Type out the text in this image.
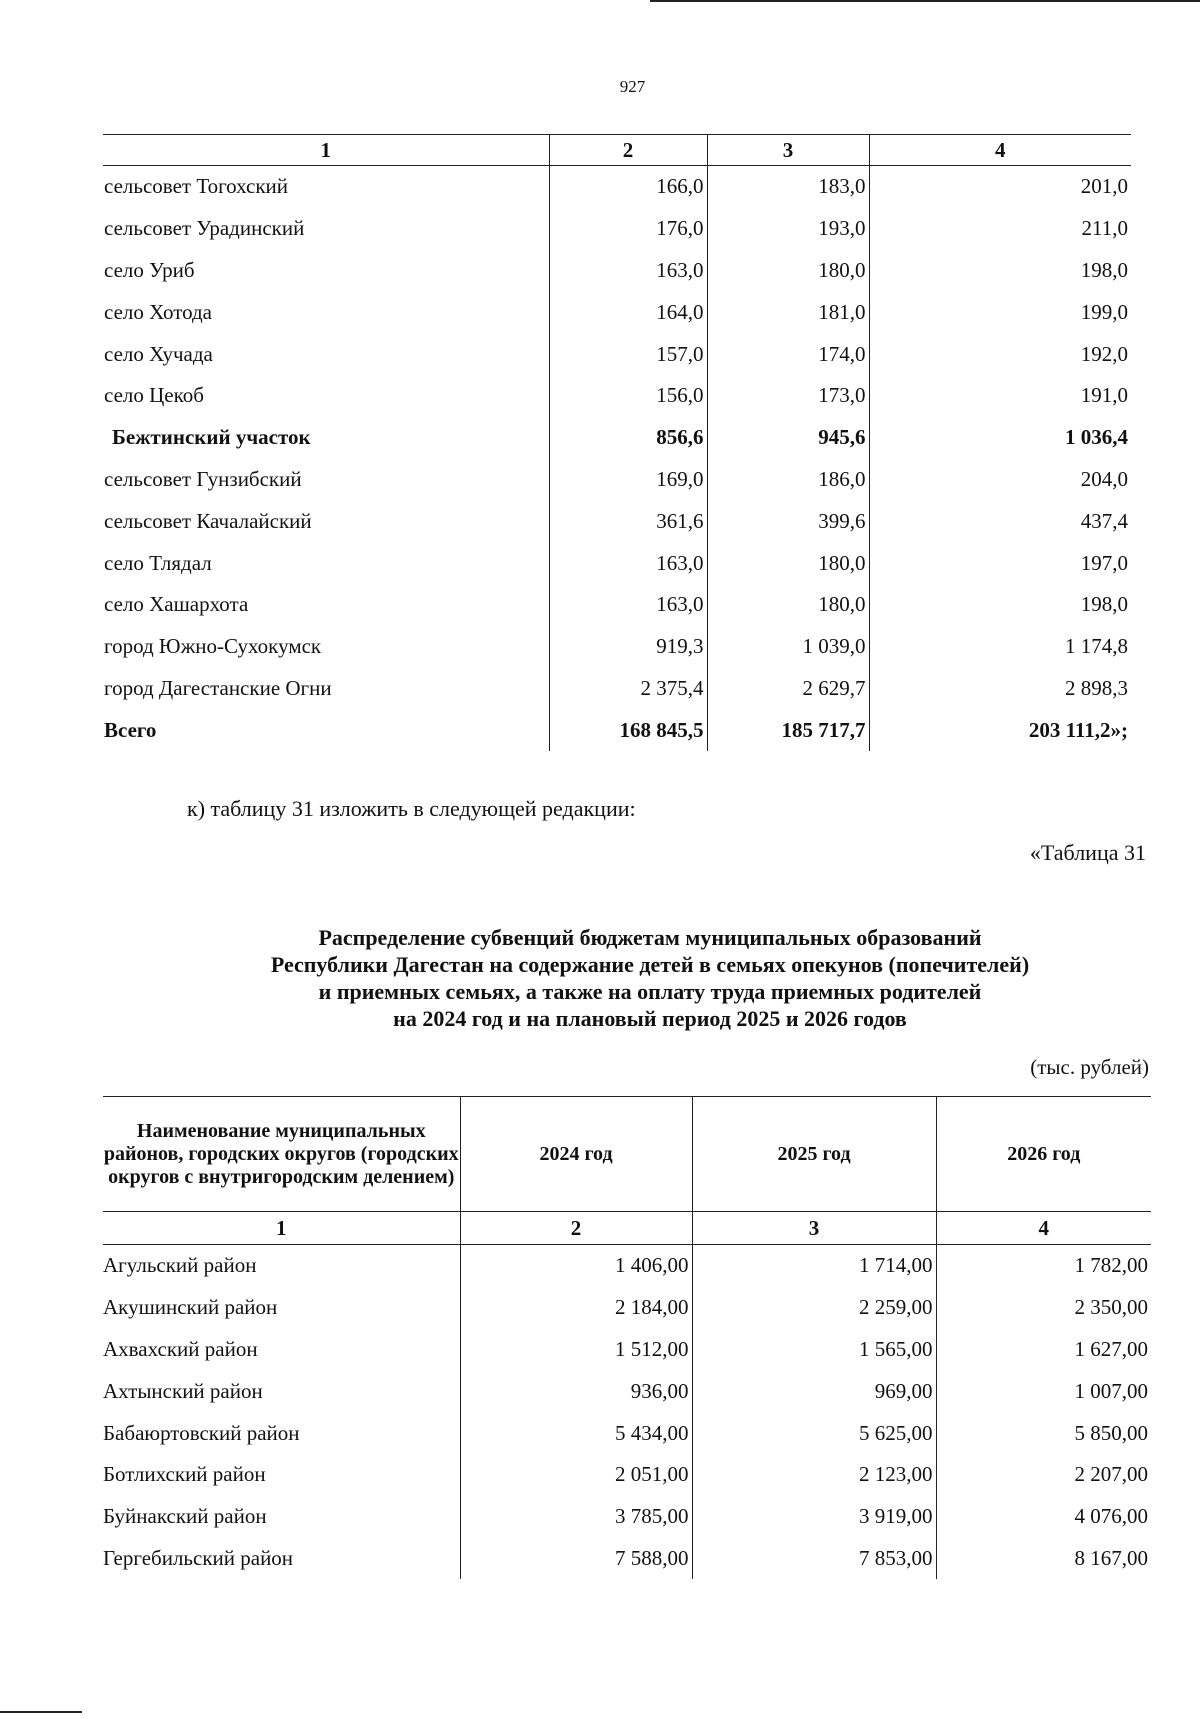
927
1	2	3	4
сельсовет Тогохский	166,0	183,0	201,0
сельсовет Урадинский	176,0	193,0	211,0
село Уриб	163,0	180,0	198,0
село Хотода	164,0	181,0	199,0
село Хучада	157,0	174,0	192,0
село Цекоб	156,0	173,0	191,0
Бежтинский участок	856,6	945,6	1 036,4
сельсовет Гунзибский	169,0	186,0	204,0
сельсовет Качалайский	361,6	399,6	437,4
село Тлядал	163,0	180,0	197,0
село Хашархота	163,0	180,0	198,0
город Южно-Сухокумск	919,3	1 039,0	1 174,8
город Дагестанские Огни	2 375,4	2 629,7	2 898,3
Всего	168 845,5	185 717,7	203 111,2»;
к) таблицу 31 изложить в следующей редакции:
«Таблица 31
Распределение субвенций бюджетам муниципальных образований
Республики Дагестан на содержание детей в семьях опекунов (попечителей)
и приемных семьях, а также на оплату труда приемных родителей
на 2024 год и на плановый период 2025 и 2026 годов
(тыс. рублей)
Наименование муниципальных районов, городских округов (городских округов с внутригородским делением)	2024 год	2025 год	2026 год
1	2	3	4
Агульский район	1 406,00	1 714,00	1 782,00
Акушинский район	2 184,00	2 259,00	2 350,00
Ахвахский район	1 512,00	1 565,00	1 627,00
Ахтынский район	936,00	969,00	1 007,00
Бабаюртовский район	5 434,00	5 625,00	5 850,00
Ботлихский район	2 051,00	2 123,00	2 207,00
Буйнакский район	3 785,00	3 919,00	4 076,00
Гергебильский район	7 588,00	7 853,00	8 167,00
